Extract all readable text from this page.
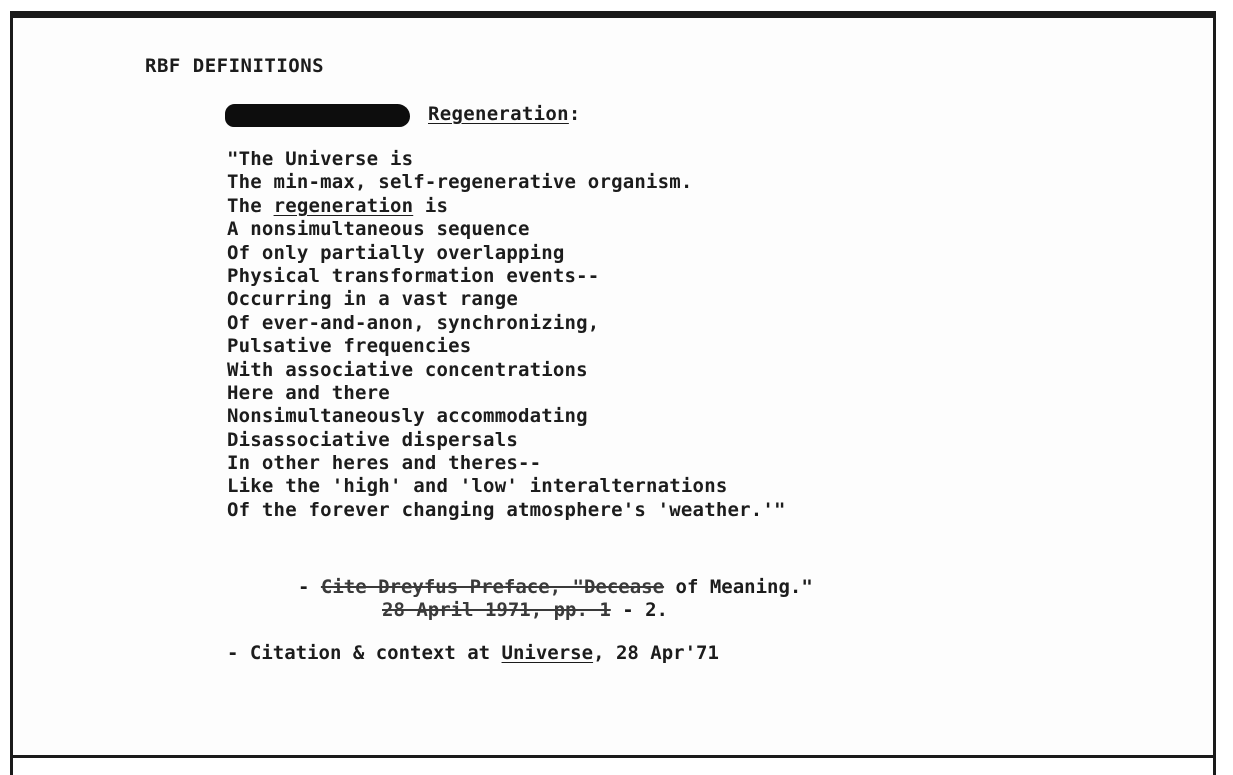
RBF DEFINITIONS
Regeneration:
"The Universe is
The min-max, self-regenerative organism.
The regeneration is
A nonsimultaneous sequence
Of only partially overlapping
Physical transformation events--
Occurring in a vast range
Of ever-and-anon, synchronizing,
Pulsative frequencies
With associative concentrations
Here and there
Nonsimultaneously accommodating
Disassociative dispersals
In other heres and theres--
Like the 'high' and 'low' interalternations
Of the forever changing atmosphere's 'weather.'"
- Cite Dreyfus Preface, "Decease of Meaning."
28 April 1971, pp. 1 - 2.
- Citation & context at Universe, 28 Apr'71
